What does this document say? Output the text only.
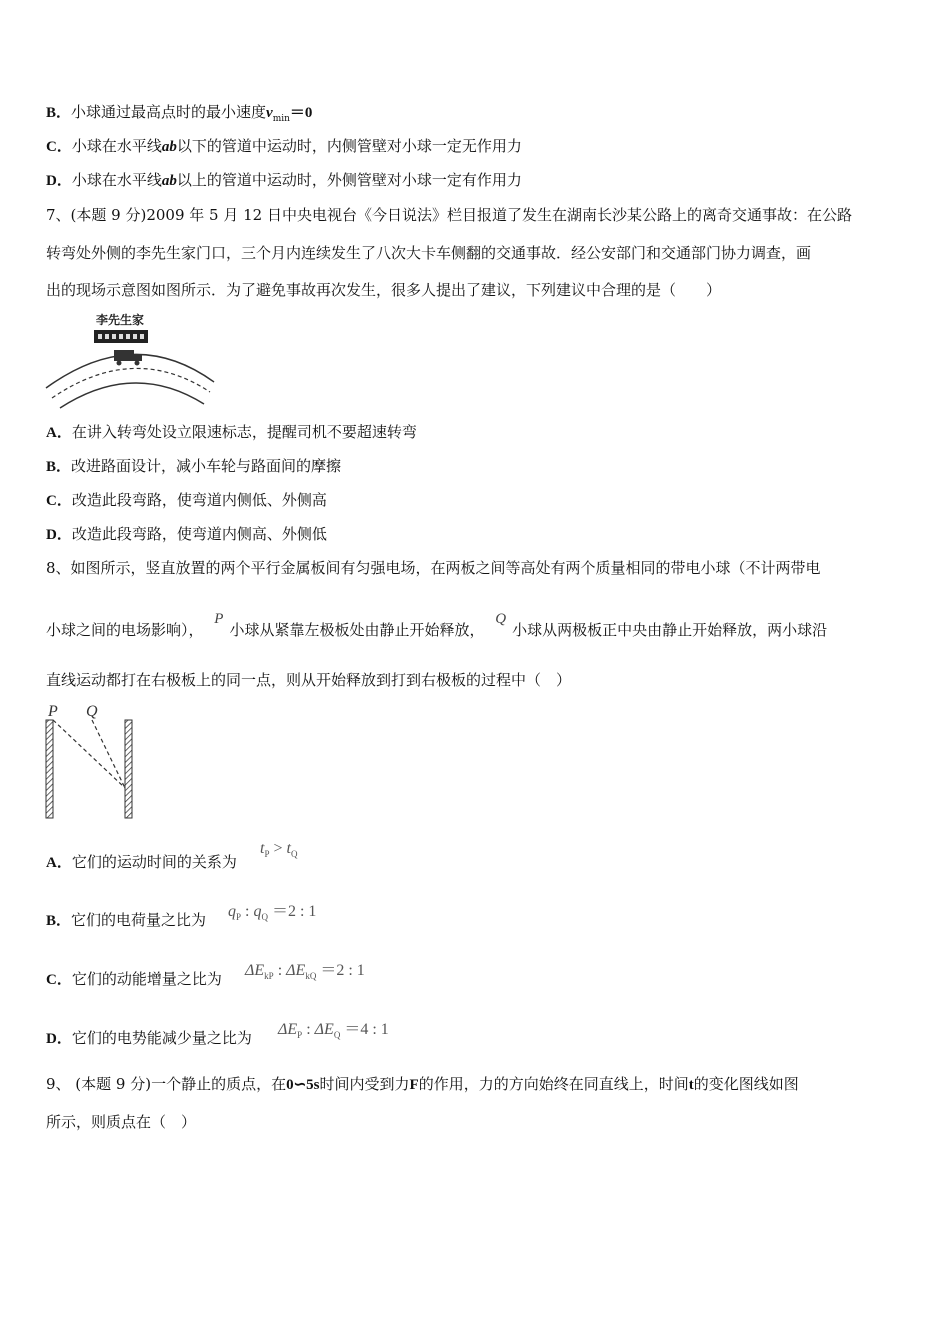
B．小球通过最高点时的最小速度$v_{min}=0$
C．小球在水平线ab以下的管道中运动时，内侧管壁对小球一定无作用力
D．小球在水平线ab以上的管道中运动时，外侧管壁对小球一定有作用力
7、(本题 9 分)2009 年 5 月 12 日中央电视台《今日说法》栏目报道了发生在湖南长沙某公路上的离奇交通事故：在公路
转弯处外侧的李先生家门口，三个月内连续发生了八次大卡车侧翻的交通事故．经公安部门和交通部门协力调查，画
出的现场示意图如图所示．为了避免事故再次发生，很多人提出了建议，下列建议中合理的是（　　）
李先生家
A．在讲入转弯处设立限速标志，提醒司机不要超速转弯
B．改进路面设计，减小车轮与路面间的摩擦
C．改造此段弯路，使弯道内侧低、外侧高
D．改造此段弯路，使弯道内侧高、外侧低
8、如图所示，竖直放置的两个平行金属板间有匀强电场，在两板之间等高处有两个质量相同的带电小球（不计两带电
小球之间的电场影响）， P小球从紧靠左极板处由静止开始释放， Q小球从两极板正中央由静止开始释放，两小球沿
直线运动都打在右极板上的同一点，则从开始释放到打到右极板的过程中（　）
P Q
A．它们的运动时间的关系为
$t_P > t_Q$
B．它们的电荷量之比为 $q_P$ : $q_Q =2$ : 1
C．它们的动能增量之比为 $\Delta E_{kP}$ : $\Delta E_{kQ} =2$ : 1
D．它们的电势能减少量之比为 $\Delta E_P$ : $\Delta E_Q =4$ : 1
9、 (本题 9 分)一个静止的质点，在0∽5s时间内受到力F的作用，力的方向始终在同直线上，时间t的变化图线如图
所示，则质点在（　）
